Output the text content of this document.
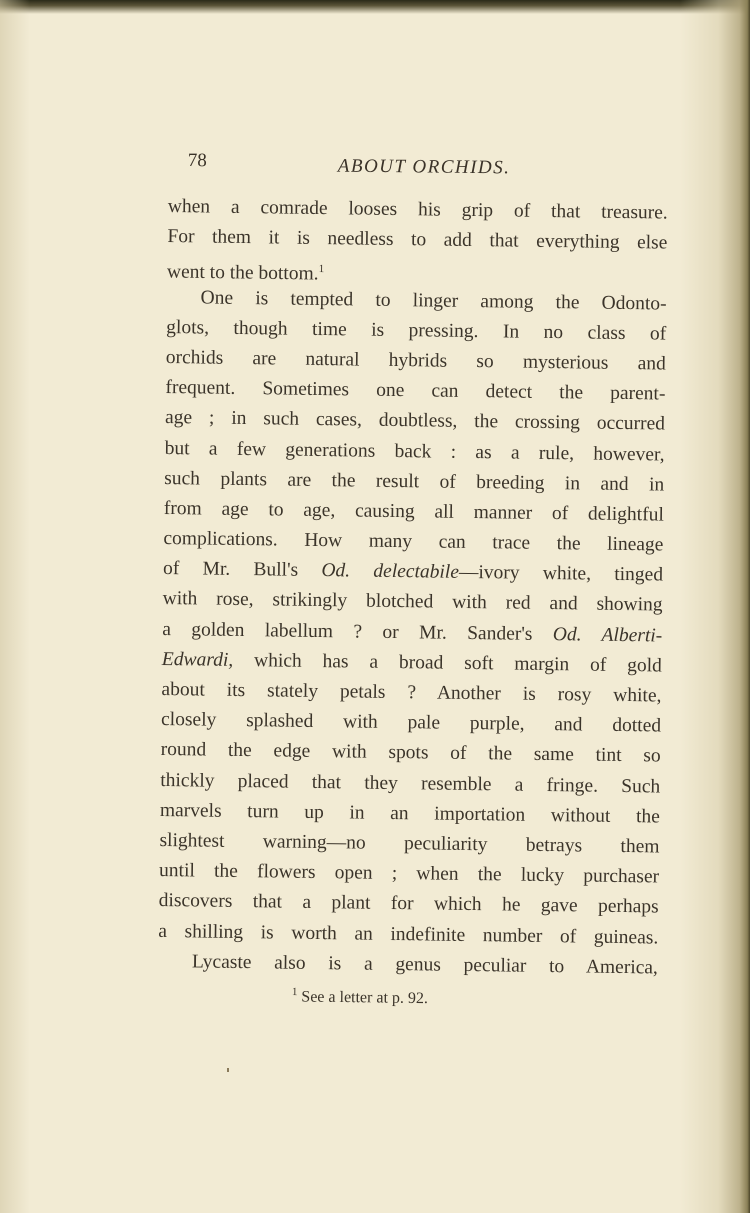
78	ABOUT ORCHIDS.
when a comrade looses his grip of that treasure.
For them it is needless to add that everything else
went to the bottom.$^1$
One is tempted to linger among the Odonto-
glots, though time is pressing. In no class of
orchids are natural hybrids so mysterious and
frequent. Sometimes one can detect the parent-
age ; in such cases, doubtless, the crossing occurred
but a few generations back : as a rule, however,
such plants are the result of breeding in and in
from age to age, causing all manner of delightful
complications. How many can trace the lineage
of Mr. Bull's Od. delectabile—ivory white, tinged
with rose, strikingly blotched with red and showing
a golden labellum ? or Mr. Sander's Od. Alberti-
Edwardi, which has a broad soft margin of gold
about its stately petals ? Another is rosy white,
closely splashed with pale purple, and dotted
round the edge with spots of the same tint so
thickly placed that they resemble a fringe. Such
marvels turn up in an importation without the
slightest warning—no peculiarity betrays them
until the flowers open ; when the lucky purchaser
discovers that a plant for which he gave perhaps
a shilling is worth an indefinite number of guineas.
Lycaste also is a genus peculiar to America,
$^1$ See a letter at p. 92.
